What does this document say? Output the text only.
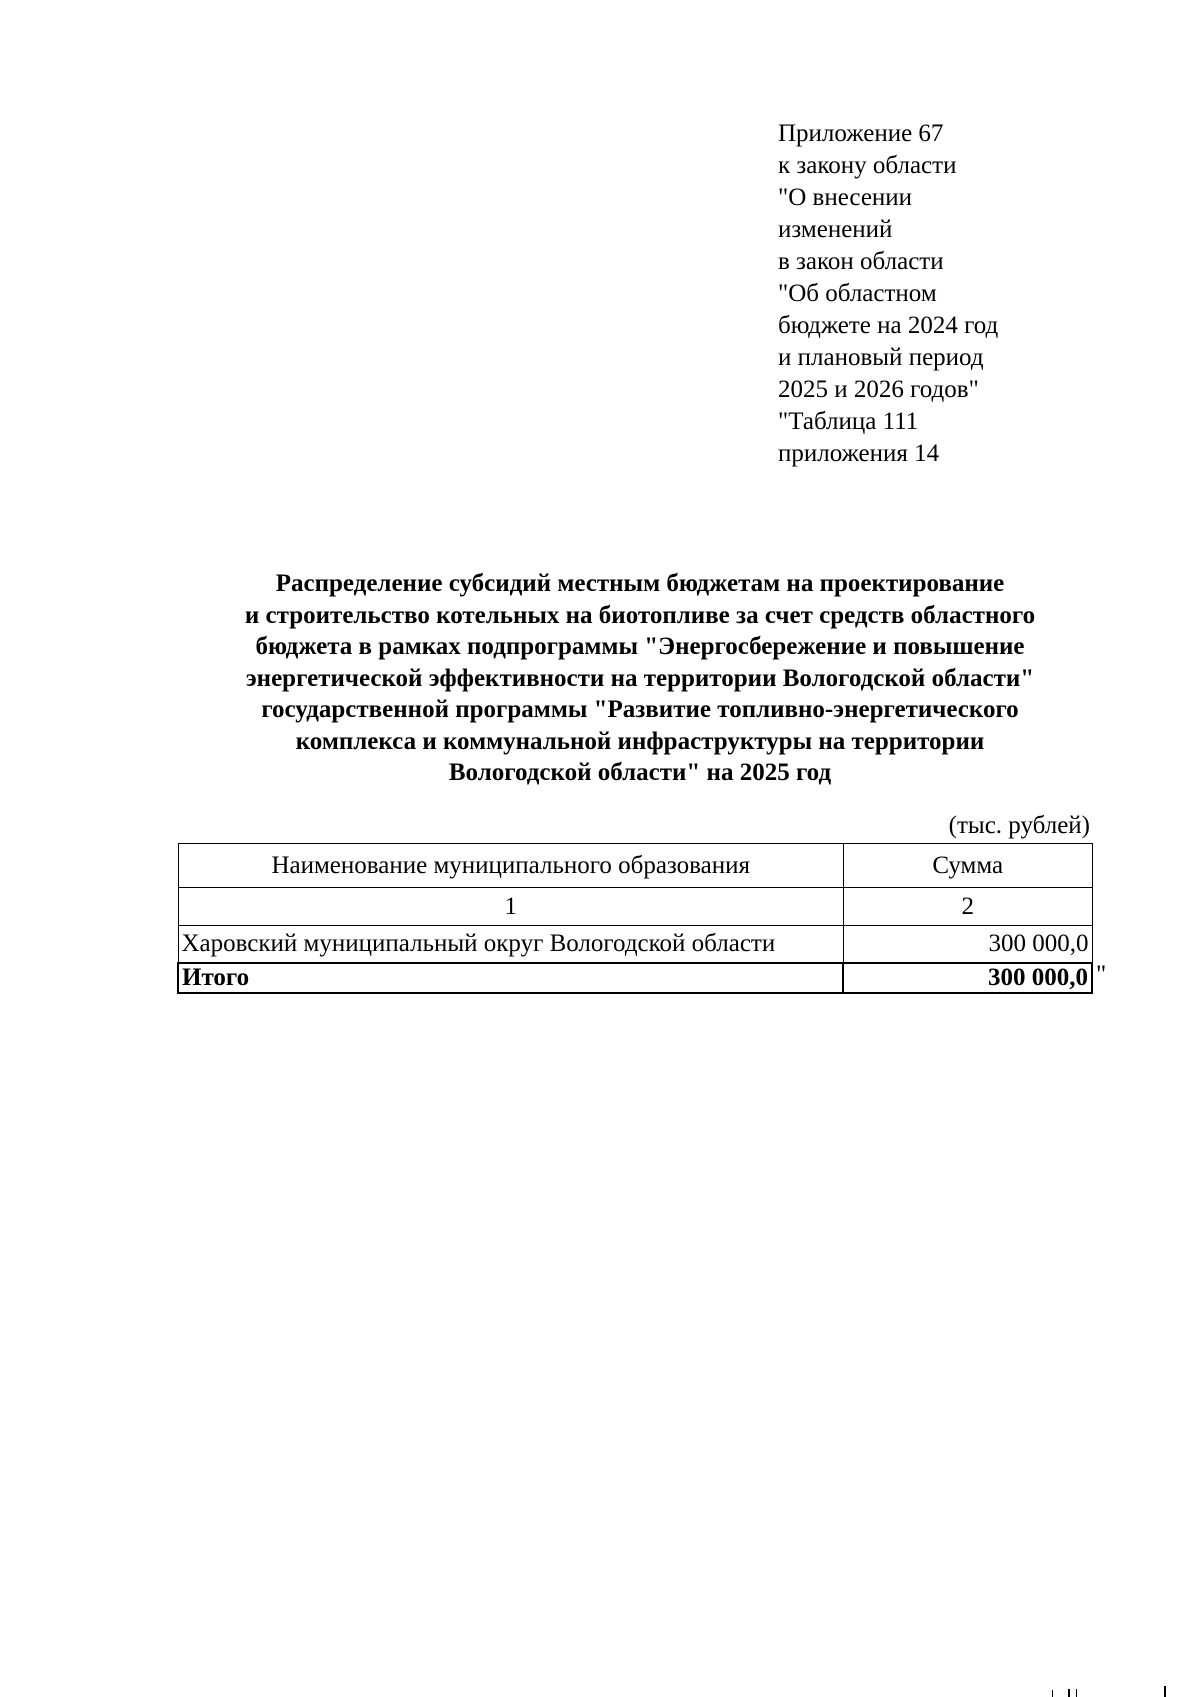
Приложение 67
к закону области
"О внесении
изменений
в закон области
"Об областном
бюджете на 2024 год
и плановый период
2025 и 2026 годов"
"Таблица 111
приложения 14
Распределение субсидий местным бюджетам на проектирование
и строительство котельных на биотопливе за счет средств областного
бюджета в рамках подпрограммы "Энергосбережение и повышение
энергетической эффективности на территории Вологодской области"
государственной программы "Развитие топливно-энергетического
комплекса и коммунальной инфраструктуры на территории
Вологодской области" на 2025 год
(тыс. рублей)
Наименование муниципального образования	Сумма
1	2
Харовский муниципальный округ Вологодской области	300 000,0
Итого	300 000,0 "
